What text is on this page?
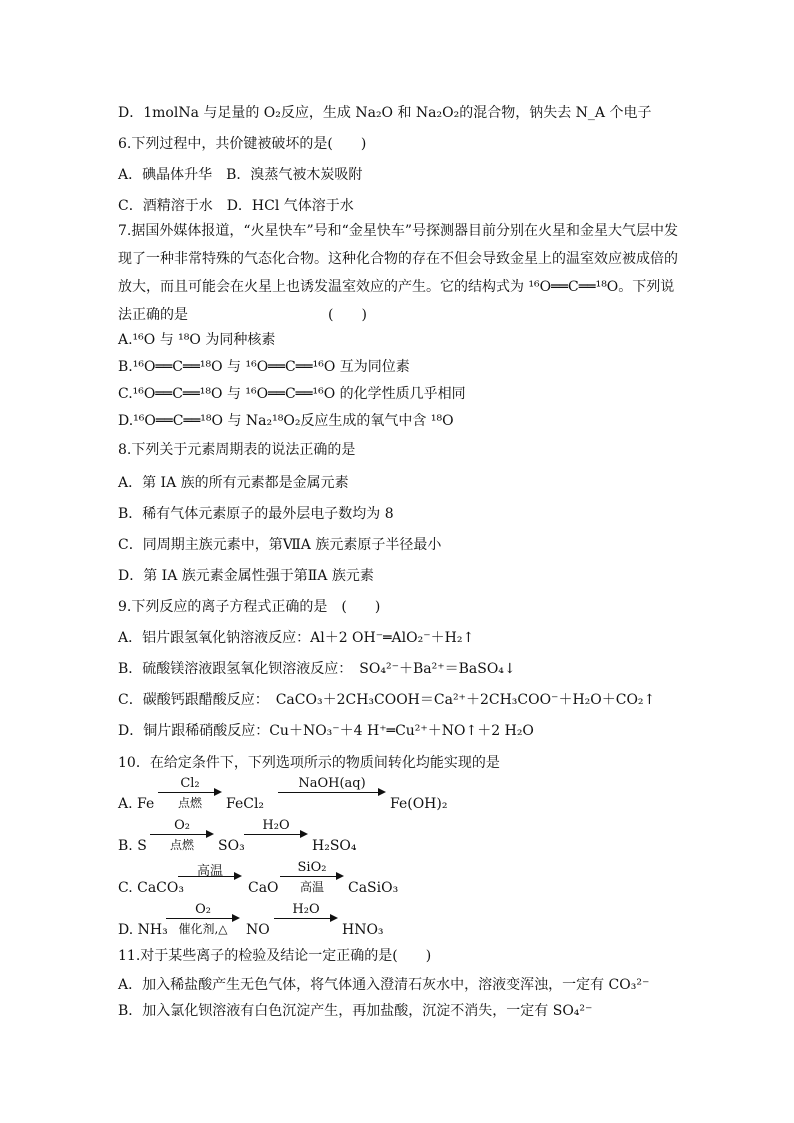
D．1molNa 与足量的 O₂反应，生成 Na₂O 和 Na₂O₂的混合物，钠失去 N_A 个电子
6.下列过程中，共价键被破坏的是(　　)
A．碘晶体升华　B．溴蒸气被木炭吸附
C．酒精溶于水　D．HCl 气体溶于水
7.据国外媒体报道，“火星快车”号和“金星快车”号探测器目前分别在火星和金星大气层中发现了一种非常特殊的气态化合物。这种化合物的存在不但会导致金星上的温室效应被成倍的放大，而且可能会在火星上也诱发温室效应的产生。它的结构式为 ¹⁶O══C══¹⁸O。下列说法正确的是　　　　　　　　　　(　　)
A.¹⁶O 与 ¹⁸O 为同种核素
B.¹⁶O══C══¹⁸O 与 ¹⁶O══C══¹⁶O 互为同位素
C.¹⁶O══C══¹⁸O 与 ¹⁶O══C══¹⁶O 的化学性质几乎相同
D.¹⁶O══C══¹⁸O 与 Na₂¹⁸O₂反应生成的氧气中含 ¹⁸O
8.下列关于元素周期表的说法正确的是
A．第 IA 族的所有元素都是金属元素
B．稀有气体元素原子的最外层电子数均为 8
C．同周期主族元素中，第ⅦA 族元素原子半径最小
D．第 IA 族元素金属性强于第ⅡA 族元素
9.下列反应的离子方程式正确的是　(　　)
A．铝片跟氢氧化钠溶液反应：Al＋2 OH⁻═AlO₂⁻＋H₂↑
B．硫酸镁溶液跟氢氧化钡溶液反应：　SO₄²⁻＋Ba²⁺＝BaSO₄↓
C．碳酸钙跟醋酸反应：　CaCO₃＋2CH₃COOH＝Ca²⁺＋2CH₃COO⁻＋H₂O＋CO₂↑
D．铜片跟稀硝酸反应：Cu＋NO₃⁻＋4 H⁺═Cu²⁺＋NO↑＋2 H₂O
10．在给定条件下，下列选项所示的物质间转化均能实现的是
A. Fe
Cl₂
点燃	FeCl₂
NaOH(aq)
Fe(OH)₂
B. S
O₂
点燃	SO₃
H₂O
H₂SO₄
C. CaCO₃
高温
CaO
SiO₂
高温	CaSiO₃
D. NH₃
O₂
催化剂,△	NO
H₂O
HNO₃
11.对于某些离子的检验及结论一定正确的是(　　)
A．加入稀盐酸产生无色气体，将气体通入澄清石灰水中，溶液变浑浊，一定有 CO₃²⁻
B．加入氯化钡溶液有白色沉淀产生，再加盐酸，沉淀不消失，一定有 SO₄²⁻
